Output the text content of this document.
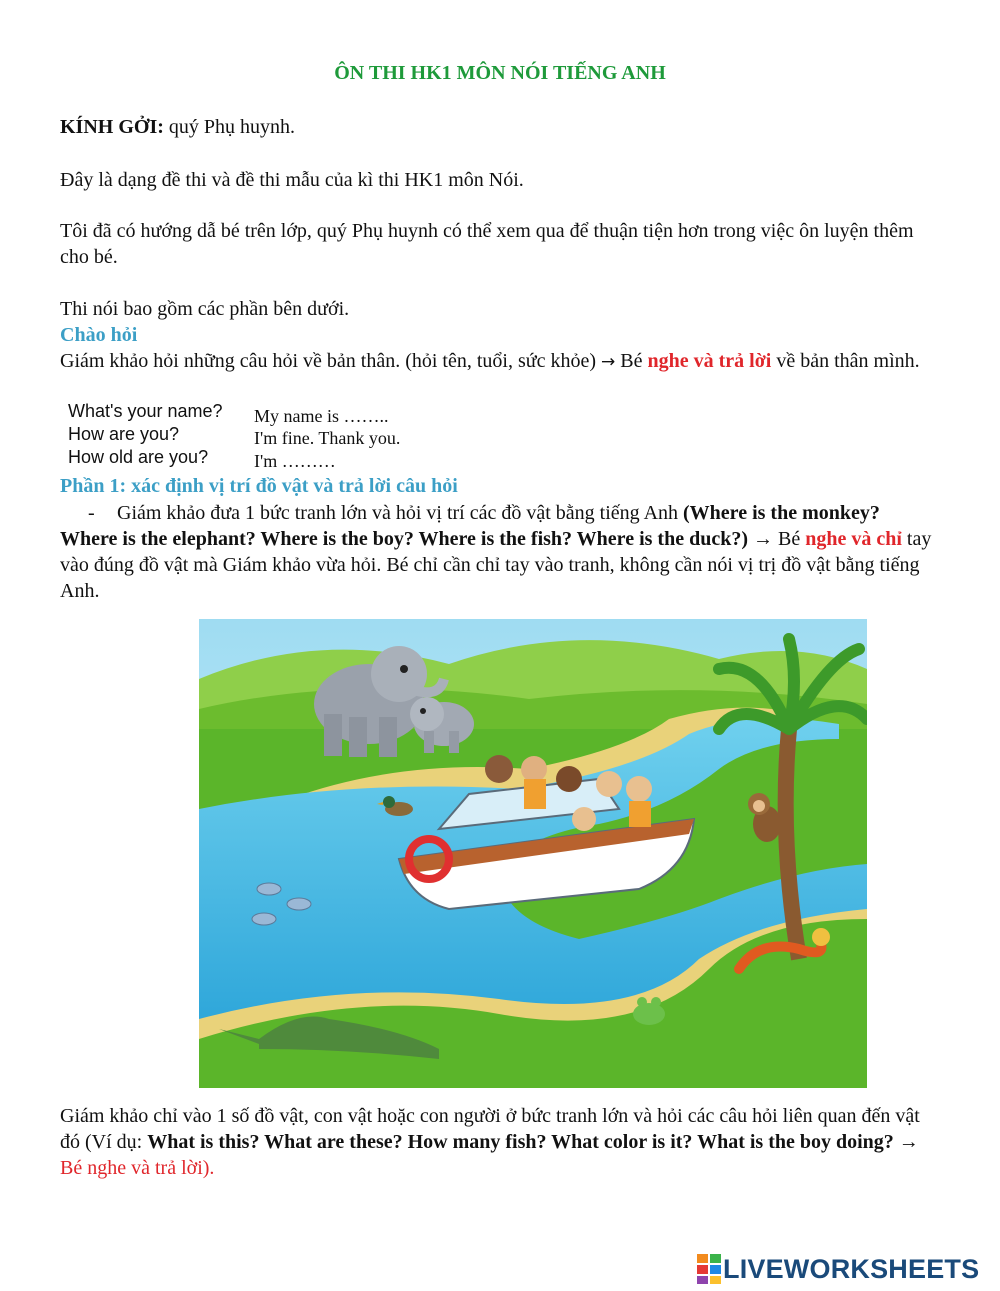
ÔN THI HK1 MÔN NÓI TIẾNG ANH

KÍNH GỞI: quý Phụ huynh.

Đây là dạng đề thi và đề thi mẫu của kì thi HK1 môn Nói.

Tôi đã có hướng dẫ bé trên lớp, quý Phụ huynh có thể xem qua để thuận tiện hơn trong việc ôn luyện thêm cho bé.

Thi nói bao gồm các phần bên dưới.

Chào hỏi

Giám khảo hỏi những câu hỏi về bản thân. (hỏi tên, tuổi, sức khỏe) → Bé nghe và trả lời về bản thân mình.

What's your name?
How are you?
How old are you?
My name is ……..
I'm fine. Thank you.
I'm ………

Phần 1: xác định vị trí đồ vật và trả lời câu hỏi

-	Giám khảo đưa 1 bức tranh lớn và hỏi vị trí các đồ vật bằng tiếng Anh (Where is the monkey? Where is the elephant? Where is the boy? Where is the fish? Where is the duck?) → Bé nghe và chỉ tay vào đúng đồ vật mà Giám khảo vừa hỏi. Bé chỉ cần chỉ tay vào tranh, không cần nói vị trị đồ vật bằng tiếng Anh.

Giám khảo chỉ vào 1 số đồ vật, con vật hoặc con người ở bức tranh lớn và hỏi các câu hỏi liên quan đến vật đó (Ví dụ: What is this? What are these? How many fish? What color is it? What is the boy doing? → Bé nghe và trả lời).

LIVEWORKSHEETS
